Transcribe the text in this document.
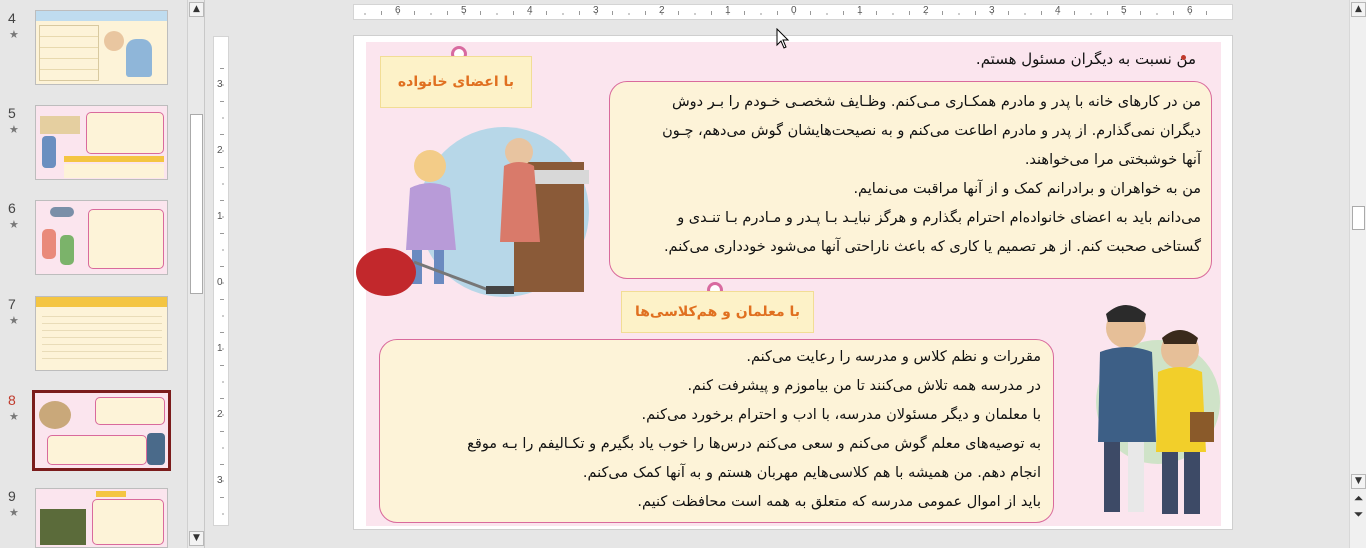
4
★
5
★
6
★
7
★
8
★
9
★
▲
▼
6	5	4	3	2	1	0	1	2	3	4	5	6
3
2
1
0
1
2
3
من نسبت به دیگران مسئول هستم.
با اعضای خانواده
من در کارهای خانه با پدر و مادرم همکـاری مـی‌کنم. وظـایف شخصـی خـودم را بـر دوش
دیگران نمی‌گذارم. از پدر و مادرم اطاعت می‌کنم و به نصیحت‌هایشان گوش می‌دهم، چـون
آنها خوشبختی مرا می‌خواهند.
من به خواهران و برادرانم کمک و از آنها مراقبت می‌نمایم.
می‌دانم باید به اعضای خانواده‌ام احترام بگذارم و هرگز نبایـد بـا پـدر و مـادرم بـا تنـدی و
گستاخی صحبت کنم. از هر تصمیم یا کاری که باعث ناراحتی آنها می‌شود خودداری می‌کنم.
با معلمان و هم‌کلاسی‌ها
مقررات و نظم کلاس و مدرسه را رعایت می‌کنم.
در مدرسه همه تلاش می‌کنند تا من بیاموزم و پیشرفت کنم.
با معلمان و دیگر مسئولان مدرسه، با ادب و احترام برخورد می‌کنم.
به توصیه‌های معلم گوش می‌کنم و سعی می‌کنم درس‌ها را خوب یاد بگیرم و تکـالیفم را بـه موقع
انجام دهم. من همیشه با هم کلاسی‌هایم مهربان هستم و به آنها کمک می‌کنم.
باید از اموال عمومی مدرسه که متعلق به همه است محافظت کنیم.
▲
▼
⏶
⏷
